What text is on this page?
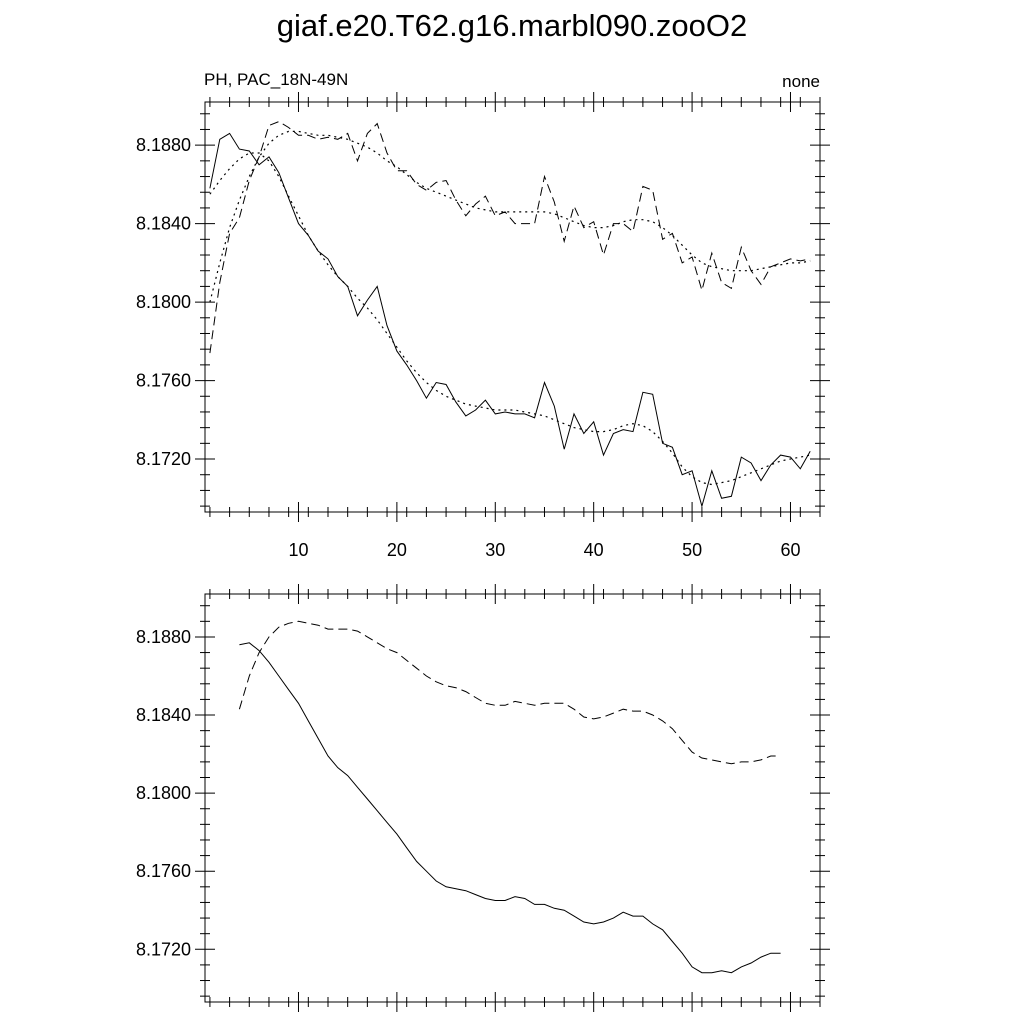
giaf.e20.T62.g16.marbl090.zooO2
PH, PAC_18N-49N	none
8.1720
8.1760
8.1800
8.1840
8.1880
10	20	30	40	50	60
8.1720
8.1760
8.1800
8.1840
8.1880
